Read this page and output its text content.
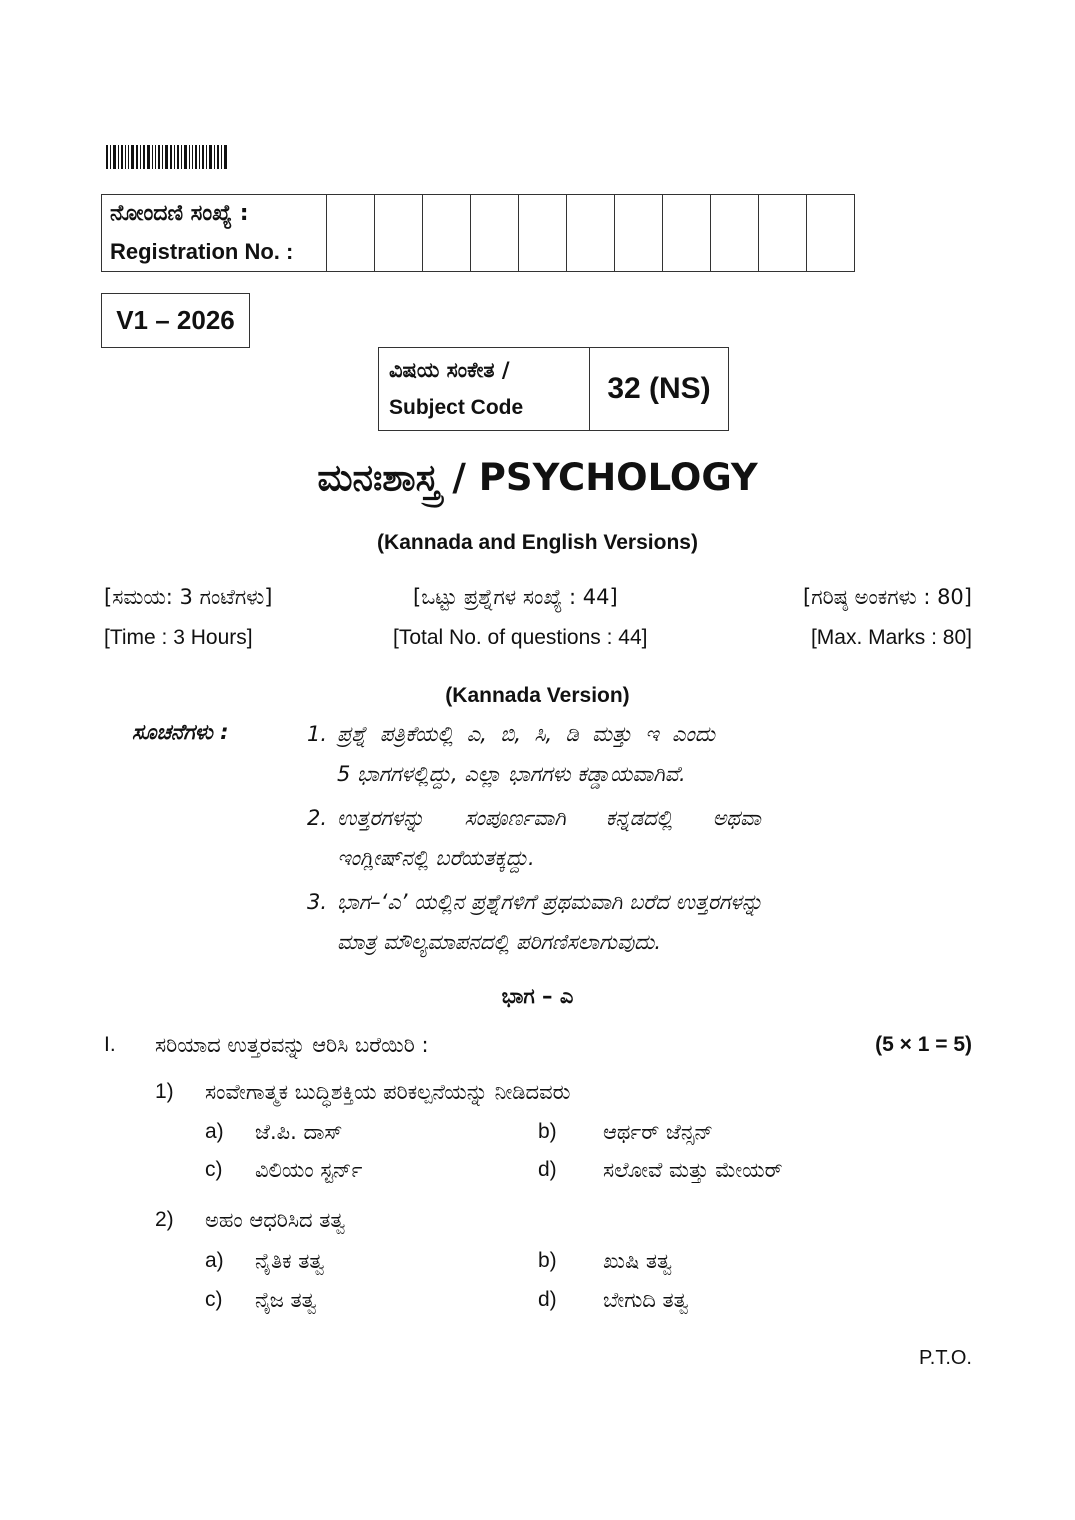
ನೋಂದಣಿ ಸಂಖ್ಯೆ :
Registration No. :

V1 – 2026
ವಿಷಯ ಸಂಕೇತ /
Subject Code
	32 (NS)
ಮನಃಶಾಸ್ತ್ರ / PSYCHOLOGY
(Kannada and English Versions)
[ಸಮಯ: 3 ಗಂಟೆಗಳು]	[ಒಟ್ಟು ಪ್ರಶ್ನೆಗಳ ಸಂಖ್ಯೆ : 44]	[ಗರಿಷ್ಠ ಅಂಕಗಳು : 80]
[Time : 3 Hours]	[Total No. of questions : 44]	[Max. Marks : 80]
(Kannada Version)
ಸೂಚನೆಗಳು :	1. ಪ್ರಶ್ನೆ  ಪತ್ರಿಕೆಯಲ್ಲಿ  ಎ,  ಬಿ,  ಸಿ,  ಡಿ  ಮತ್ತು  ಇ  ಎಂದು
5 ಭಾಗಗಳಲ್ಲಿದ್ದು, ಎಲ್ಲಾ ಭಾಗಗಳು ಕಡ್ಡಾಯವಾಗಿವೆ.
2. ಉತ್ತರಗಳನ್ನು      ಸಂಪೂರ್ಣವಾಗಿ      ಕನ್ನಡದಲ್ಲಿ      ಅಥವಾ
ಇಂಗ್ಲೀಷ್‌ನಲ್ಲಿ ಬರೆಯತಕ್ಕದ್ದು.
3. ಭಾಗ–‘ಎ’ ಯಲ್ಲಿನ ಪ್ರಶ್ನೆಗಳಿಗೆ ಪ್ರಥಮವಾಗಿ ಬರೆದ ಉತ್ತರಗಳನ್ನು
ಮಾತ್ರ ಮೌಲ್ಯಮಾಪನದಲ್ಲಿ ಪರಿಗಣಿಸಲಾಗುವುದು.
ಭಾಗ – ಎ
I. ಸರಿಯಾದ ಉತ್ತರವನ್ನು ಆರಿಸಿ ಬರೆಯಿರಿ :	(5 × 1 = 5)
1) ಸಂವೇಗಾತ್ಮಕ ಬುದ್ಧಿಶಕ್ತಿಯ ಪರಿಕಲ್ಪನೆಯನ್ನು ನೀಡಿದವರು
a) ಜೆ.ಪಿ. ದಾಸ್	b) ಆರ್ಥರ್ ಜೆನ್ಸನ್
c) ವಿಲಿಯಂ ಸ್ಟರ್ನ್	d) ಸಲೋವೆ ಮತ್ತು ಮೇಯರ್
2) ಅಹಂ ಆಧರಿಸಿದ ತತ್ವ
a) ನೈತಿಕ ತತ್ವ	b) ಖುಷಿ ತತ್ವ
c) ನೈಜ ತತ್ವ	d) ಬೇಗುದಿ ತತ್ವ
P.T.O.
